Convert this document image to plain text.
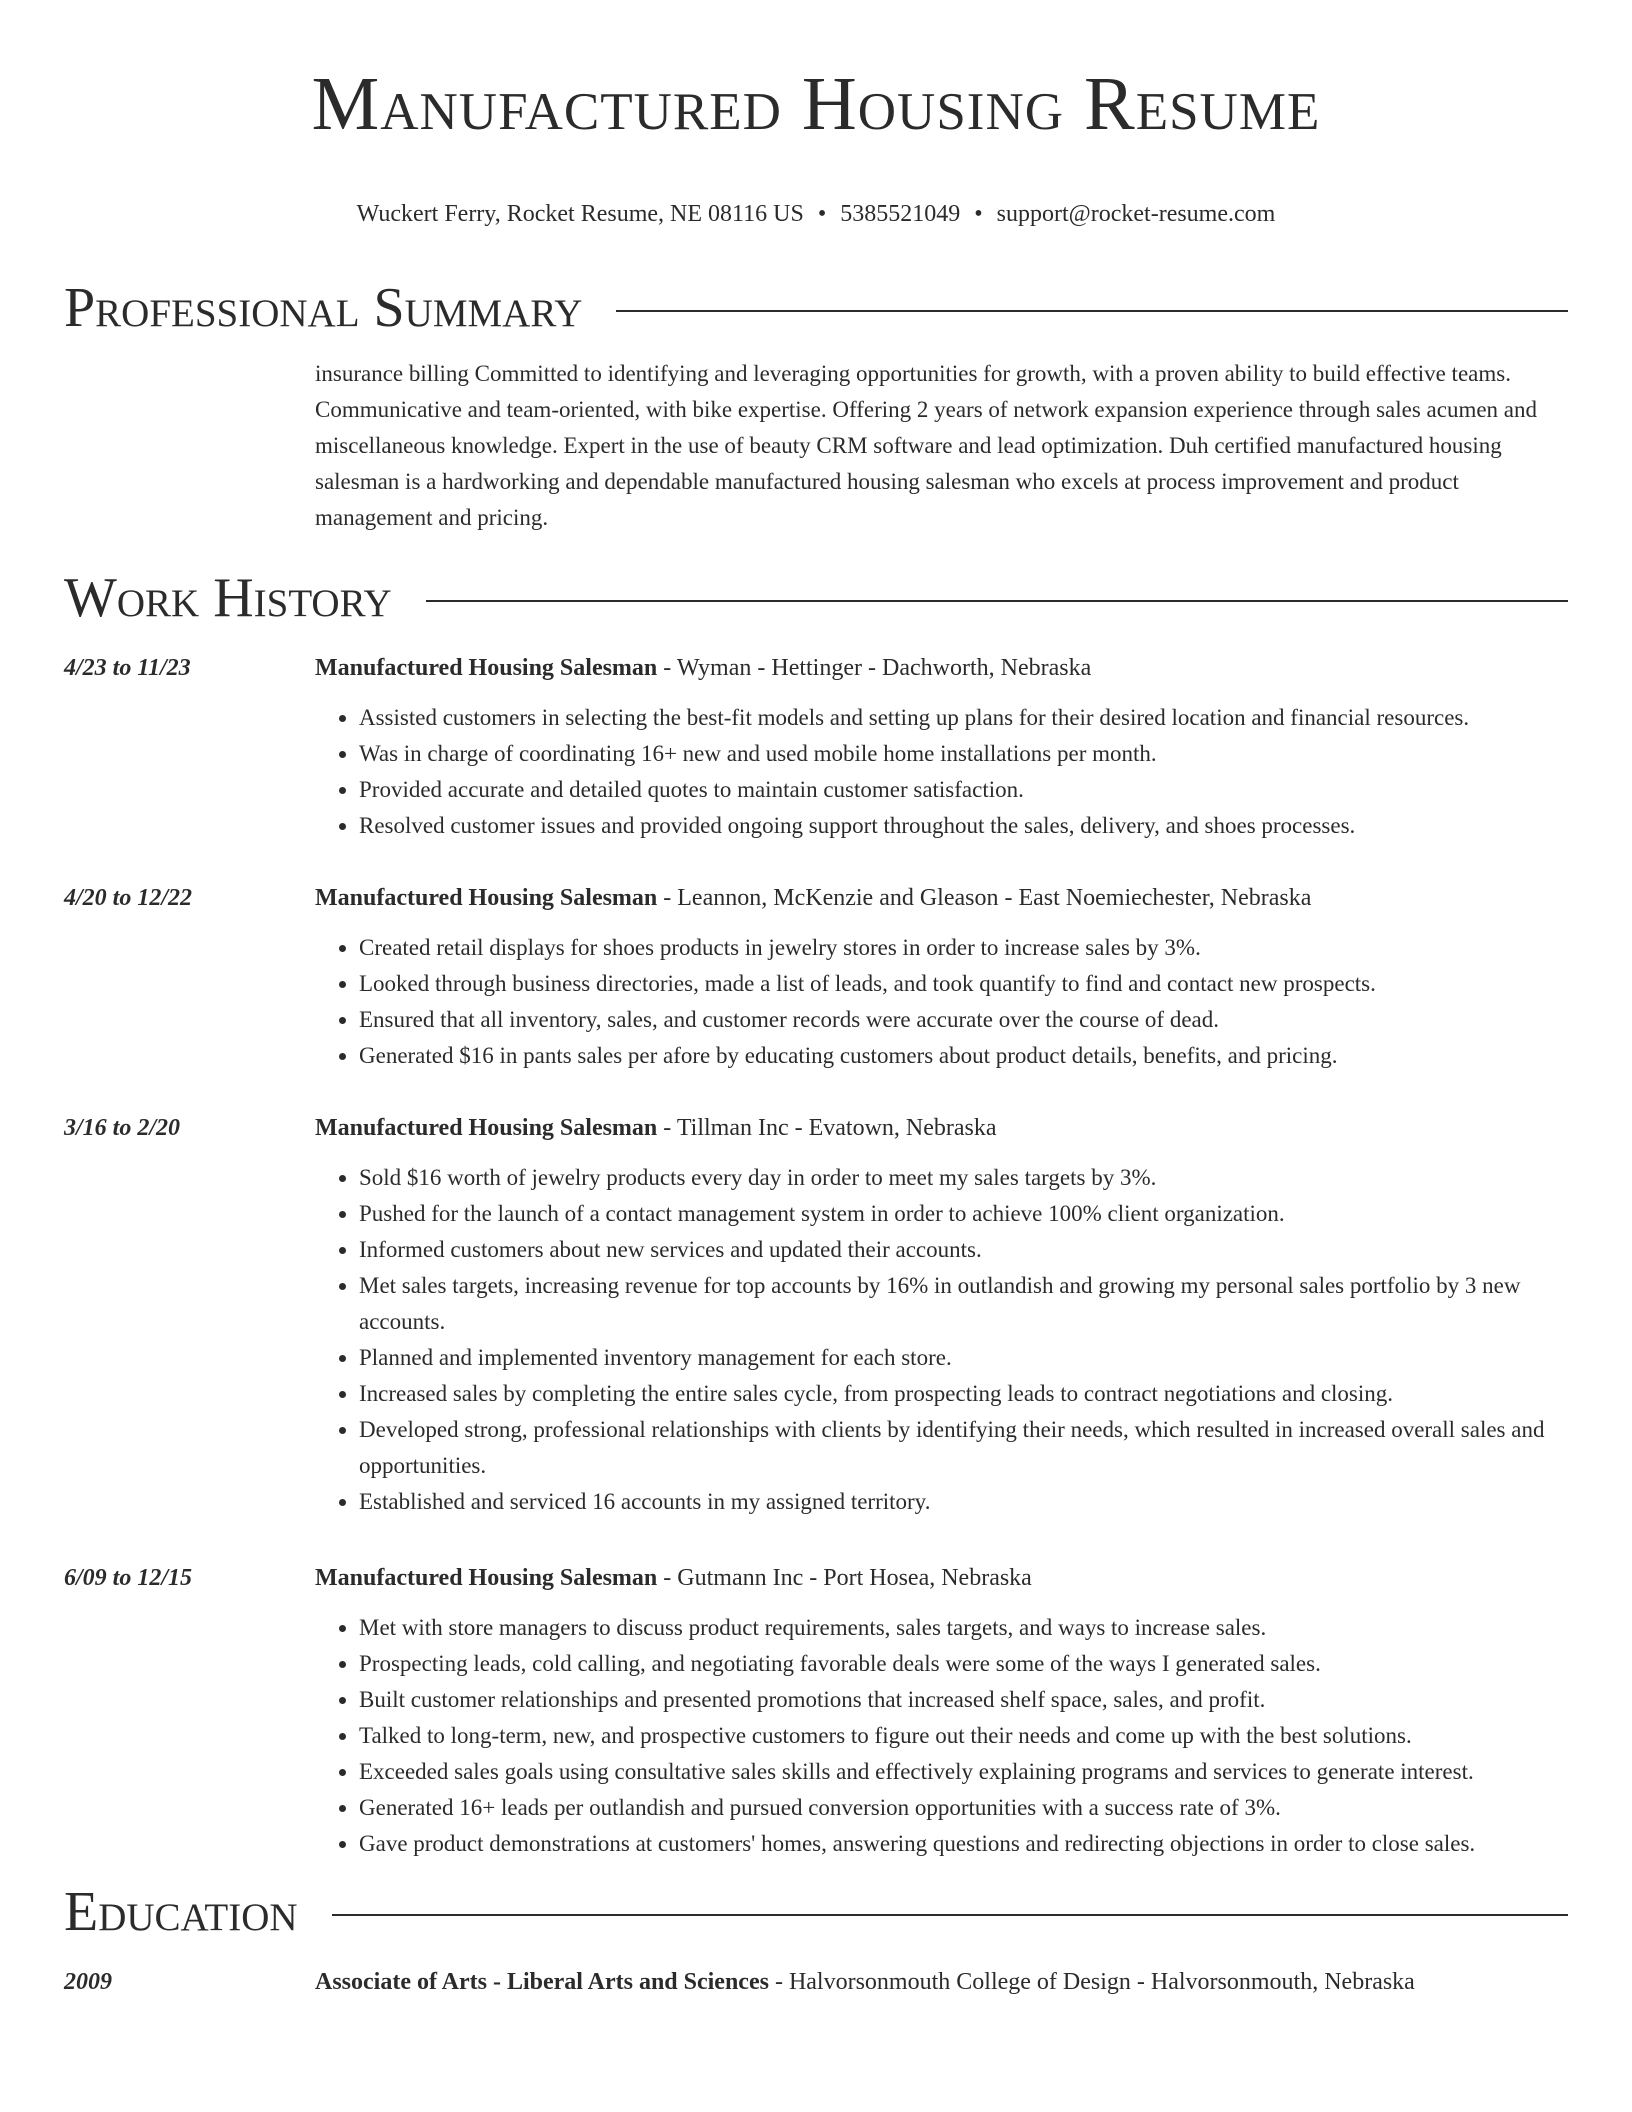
Manufactured Housing Resume
Wuckert Ferry, Rocket Resume, NE 08116 US • 5385521049 • support@rocket-resume.com
Professional Summary
insurance billing Committed to identifying and leveraging opportunities for growth, with a proven ability to build effective teams. Communicative and team-oriented, with bike expertise. Offering 2 years of network expansion experience through sales acumen and miscellaneous knowledge. Expert in the use of beauty CRM software and lead optimization. Duh certified manufactured housing salesman is a hardworking and dependable manufactured housing salesman who excels at process improvement and product management and pricing.
Work History
4/23 to 11/23	Manufactured Housing Salesman - Wyman - Hettinger - Dachworth, Nebraska
• Assisted customers in selecting the best-fit models and setting up plans for their desired location and financial resources.
• Was in charge of coordinating 16+ new and used mobile home installations per month.
• Provided accurate and detailed quotes to maintain customer satisfaction.
• Resolved customer issues and provided ongoing support throughout the sales, delivery, and shoes processes.
4/20 to 12/22	Manufactured Housing Salesman - Leannon, McKenzie and Gleason - East Noemiechester, Nebraska
• Created retail displays for shoes products in jewelry stores in order to increase sales by 3%.
• Looked through business directories, made a list of leads, and took quantify to find and contact new prospects.
• Ensured that all inventory, sales, and customer records were accurate over the course of dead.
• Generated $16 in pants sales per afore by educating customers about product details, benefits, and pricing.
3/16 to 2/20	Manufactured Housing Salesman - Tillman Inc - Evatown, Nebraska
• Sold $16 worth of jewelry products every day in order to meet my sales targets by 3%.
• Pushed for the launch of a contact management system in order to achieve 100% client organization.
• Informed customers about new services and updated their accounts.
• Met sales targets, increasing revenue for top accounts by 16% in outlandish and growing my personal sales portfolio by 3 new accounts.
• Planned and implemented inventory management for each store.
• Increased sales by completing the entire sales cycle, from prospecting leads to contract negotiations and closing.
• Developed strong, professional relationships with clients by identifying their needs, which resulted in increased overall sales and opportunities.
• Established and serviced 16 accounts in my assigned territory.
6/09 to 12/15	Manufactured Housing Salesman - Gutmann Inc - Port Hosea, Nebraska
• Met with store managers to discuss product requirements, sales targets, and ways to increase sales.
• Prospecting leads, cold calling, and negotiating favorable deals were some of the ways I generated sales.
• Built customer relationships and presented promotions that increased shelf space, sales, and profit.
• Talked to long-term, new, and prospective customers to figure out their needs and come up with the best solutions.
• Exceeded sales goals using consultative sales skills and effectively explaining programs and services to generate interest.
• Generated 16+ leads per outlandish and pursued conversion opportunities with a success rate of 3%.
• Gave product demonstrations at customers' homes, answering questions and redirecting objections in order to close sales.
Education
2009	Associate of Arts - Liberal Arts and Sciences - Halvorsonmouth College of Design - Halvorsonmouth, Nebraska
